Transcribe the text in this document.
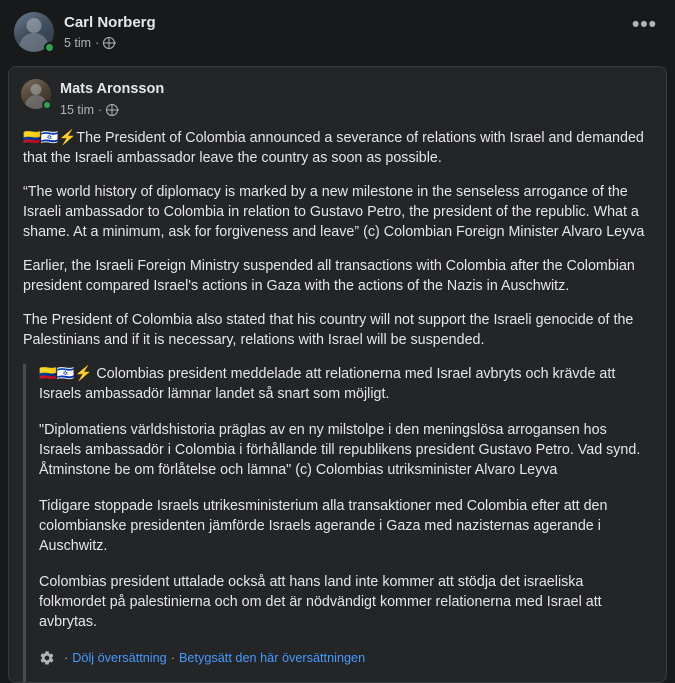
Carl Norberg
5 tim ·
•••
Mats Aronsson
15 tim ·

🇨🇴🇮🇱⚡The President of Colombia announced a severance of relations with Israel and demanded that the Israeli ambassador leave the country as soon as possible.

“The world history of diplomacy is marked by a new milestone in the senseless arrogance of the Israeli ambassador to Colombia in relation to Gustavo Petro, the president of the republic. What a shame. At a minimum, ask for forgiveness and leave” (c) Colombian Foreign Minister Alvaro Leyva

Earlier, the Israeli Foreign Ministry suspended all transactions with Colombia after the Colombian president compared Israel's actions in Gaza with the actions of the Nazis in Auschwitz.

The President of Colombia also stated that his country will not support the Israeli genocide of the Palestinians and if it is necessary, relations with Israel will be suspended.

🇨🇴🇮🇱⚡ Colombias president meddelade att relationerna med Israel avbryts och krävde att Israels ambassadör lämnar landet så snart som möjligt.

"Diplomatiens världshistoria präglas av en ny milstolpe i den meningslösa arrogansen hos Israels ambassadör i Colombia i förhållande till republikens president Gustavo Petro. Vad synd. Åtminstone be om förlåtelse och lämna" (c) Colombias utriksminister Alvaro Leyva

Tidigare stoppade Israels utrikesministerium alla transaktioner med Colombia efter att den colombianske presidenten jämförde Israels agerande i Gaza med nazisternas agerande i Auschwitz.

Colombias president uttalade också att hans land inte kommer att stödja det israeliska folkmordet på palestinierna och om det är nödvändigt kommer relationerna med Israel att avbrytas.

· Dölj översättning · Betygsätt den här översättningen
